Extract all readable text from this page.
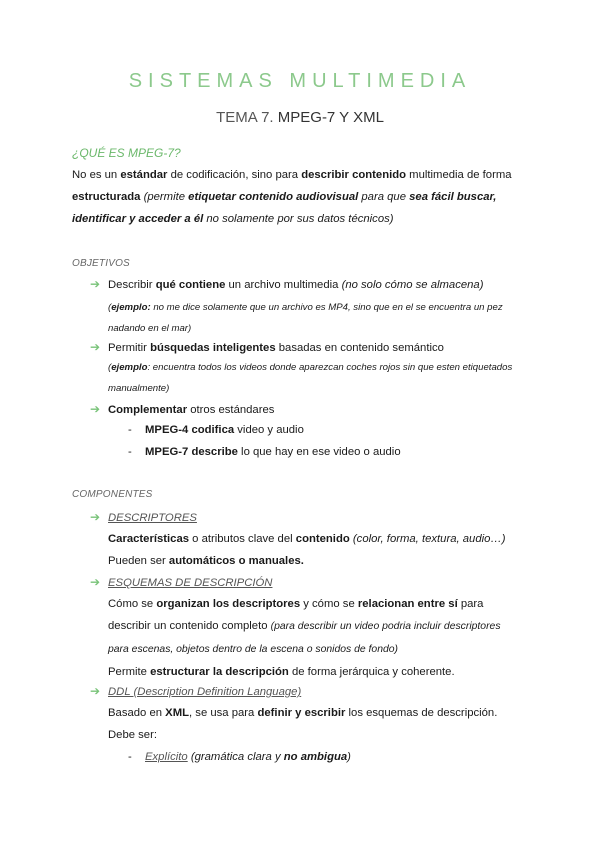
SISTEMAS MULTIMEDIA
TEMA 7. MPEG-7 Y XML
¿QUÉ ES MPEG-7?
No es un estándar de codificación, sino para describir contenido multimedia de forma
estructurada (permite etiquetar contenido audiovisual para que sea fácil buscar,
identificar y acceder a él no solamente por sus datos técnicos)
OBJETIVOS
➔ Describir qué contiene un archivo multimedia (no solo cómo se almacena)
(ejemplo: no me dice solamente que un archivo es MP4, sino que en el se encuentra un pez
nadando en el mar)
➔ Permitir búsquedas inteligentes basadas en contenido semántico
(ejemplo: encuentra todos los videos donde aparezcan coches rojos sin que esten etiquetados
manualmente)
➔ Complementar otros estándares
- MPEG-4 codifica video y audio
- MPEG-7 describe lo que hay en ese video o audio
COMPONENTES
➔ DESCRIPTORES
Características o atributos clave del contenido (color, forma, textura, audio…)
Pueden ser automáticos o manuales.
➔ ESQUEMAS DE DESCRIPCIÓN
Cómo se organizan los descriptores y cómo se relacionan entre sí para
describir un contenido completo (para describir un video podria incluir descriptores
para escenas, objetos dentro de la escena o sonidos de fondo)
Permite estructurar la descripción de forma jerárquica y coherente.
➔ DDL (Description Definition Language)
Basado en XML, se usa para definir y escribir los esquemas de descripción.
Debe ser:
- Explícito (gramática clara y no ambigua)
